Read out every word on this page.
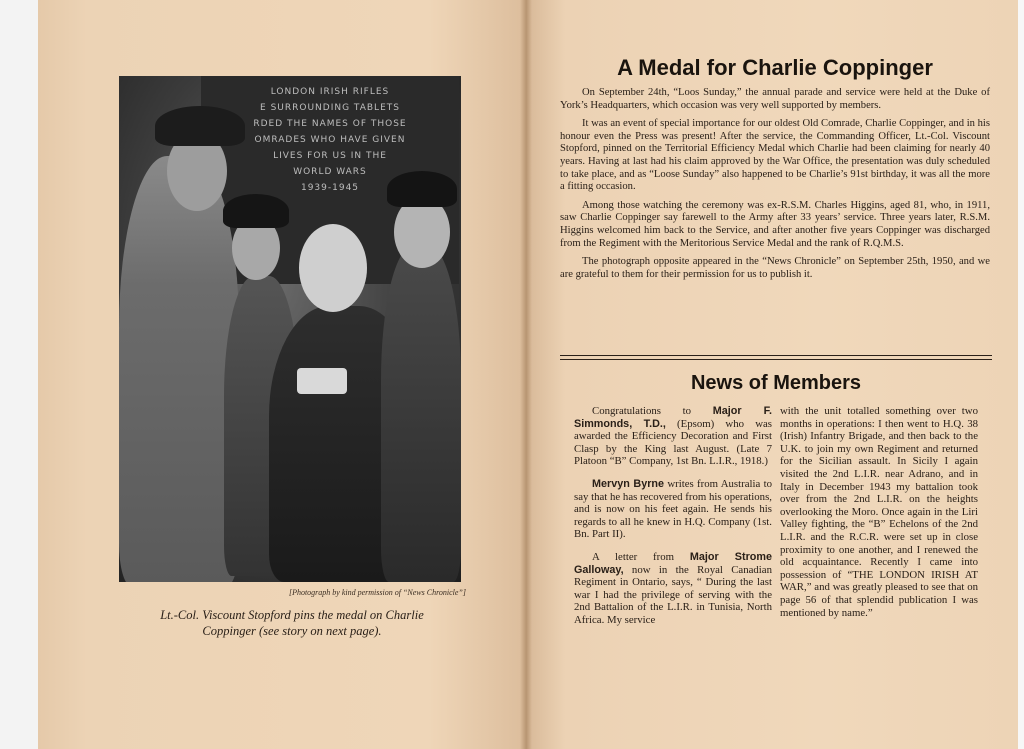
LONDON IRISH RIFLES
E SURROUNDING TABLETS
RDED THE NAMES OF THOSE
OMRADES WHO HAVE GIVEN
LIVES FOR US IN THE
WORLD WARS
1939-1945
[Photograph by kind permission of “News Chronicle”]
Lt.-Col. Viscount Stopford pins the medal on Charlie Coppinger (see story on next page).
A Medal for Charlie Coppinger

On September 24th, “Loos Sunday,” the annual parade and service were held at the Duke of York’s Headquarters, which occasion was very well supported by members.

It was an event of special importance for our oldest Old Comrade, Charlie Coppinger, and in his honour even the Press was present! After the service, the Commanding Officer, Lt.-Col. Viscount Stopford, pinned on the Territorial Efficiency Medal which Charlie had been claiming for nearly 40 years. Having at last had his claim approved by the War Office, the presentation was duly scheduled to take place, and as “Loose Sunday” also happened to be Charlie’s 91st birthday, it was all the more a fitting occasion.

Among those watching the ceremony was ex-R.S.M. Charles Higgins, aged 81, who, in 1911, saw Charlie Coppinger say farewell to the Army after 33 years’ service. Three years later, R.S.M. Higgins welcomed him back to the Service, and after another five years Coppinger was discharged from the Regiment with the Meritorious Service Medal and the rank of R.Q.M.S.

The photograph opposite appeared in the “News Chronicle” on September 25th, 1950, and we are grateful to them for their permission for us to publish it.

News of Members

Congratulations to Major F. Simmonds, T.D., (Epsom) who was awarded the Efficiency Decoration and First Clasp by the King last August. (Late 7 Platoon “B” Company, 1st Bn. L.I.R., 1918.)

Mervyn Byrne writes from Australia to say that he has recovered from his operations, and is now on his feet again. He sends his regards to all he knew in H.Q. Company (1st. Bn. Part II).

A letter from Major Strome Galloway, now in the Royal Canadian Regiment in Ontario, says, “ During the last war I had the privilege of serving with the 2nd Battalion of the L.I.R. in Tunisia, North Africa. My service

with the unit totalled something over two months in operations: I then went to H.Q. 38 (Irish) Infantry Brigade, and then back to the U.K. to join my own Regiment and returned for the Sicilian assault. In Sicily I again visited the 2nd L.I.R. near Adrano, and in Italy in December 1943 my battalion took over from the 2nd L.I.R. on the heights overlooking the Moro. Once again in the Liri Valley fighting, the “B” Echelons of the 2nd L.I.R. and the R.C.R. were set up in close proximity to one another, and I renewed the old acquaintance. Recently I came into possession of “THE LONDON IRISH AT WAR,” and was greatly pleased to see that on page 56 of that splendid publication I was mentioned by name.”
